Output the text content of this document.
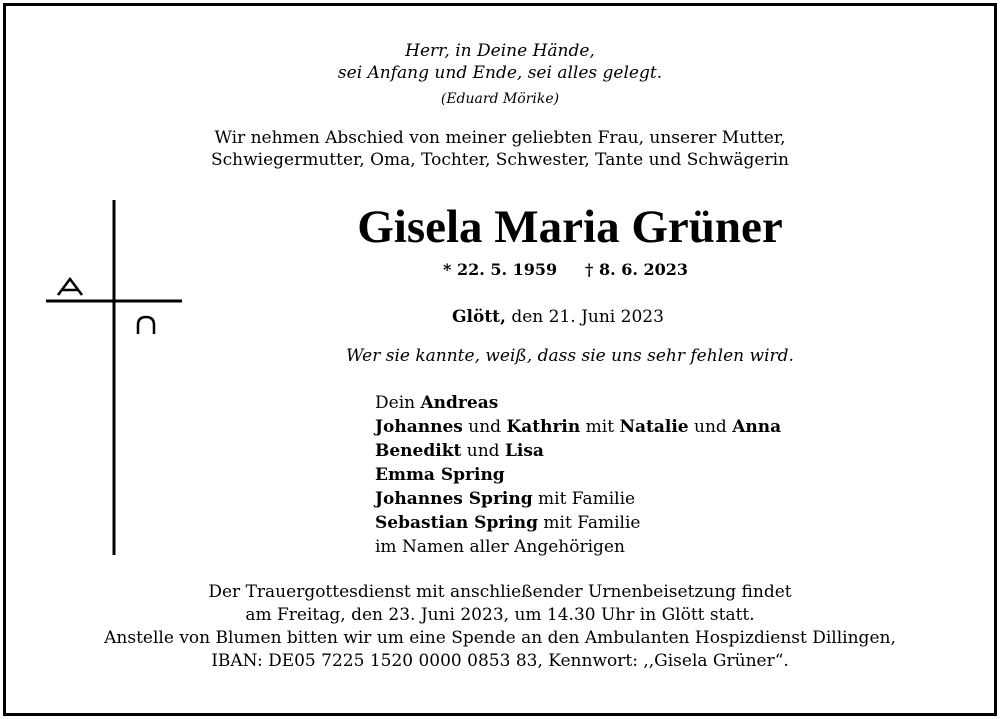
Herr, in Deine Hände,
sei Anfang und Ende, sei alles gelegt.
(Eduard Mörike)
Wir nehmen Abschied von meiner geliebten Frau, unserer Mutter,
Schwiegermutter, Oma, Tochter, Schwester, Tante und Schwägerin
Gisela Maria Grüner
* 22. 5. 1959 † 8. 6. 2023
Glött, den 21. Juni 2023
Wer sie kannte, weiß, dass sie uns sehr fehlen wird.
Dein Andreas
Johannes und Kathrin mit Natalie und Anna
Benedikt und Lisa
Emma Spring
Johannes Spring mit Familie
Sebastian Spring mit Familie
im Namen aller Angehörigen
Der Trauergottesdienst mit anschließender Urnenbeisetzung findet
am Freitag, den 23. Juni 2023, um 14.30 Uhr in Glött statt.
Anstelle von Blumen bitten wir um eine Spende an den Ambulanten Hospizdienst Dillingen,
IBAN: DE05 7225 1520 0000 0853 83, Kennwort: ,,Gisela Grüner“.
